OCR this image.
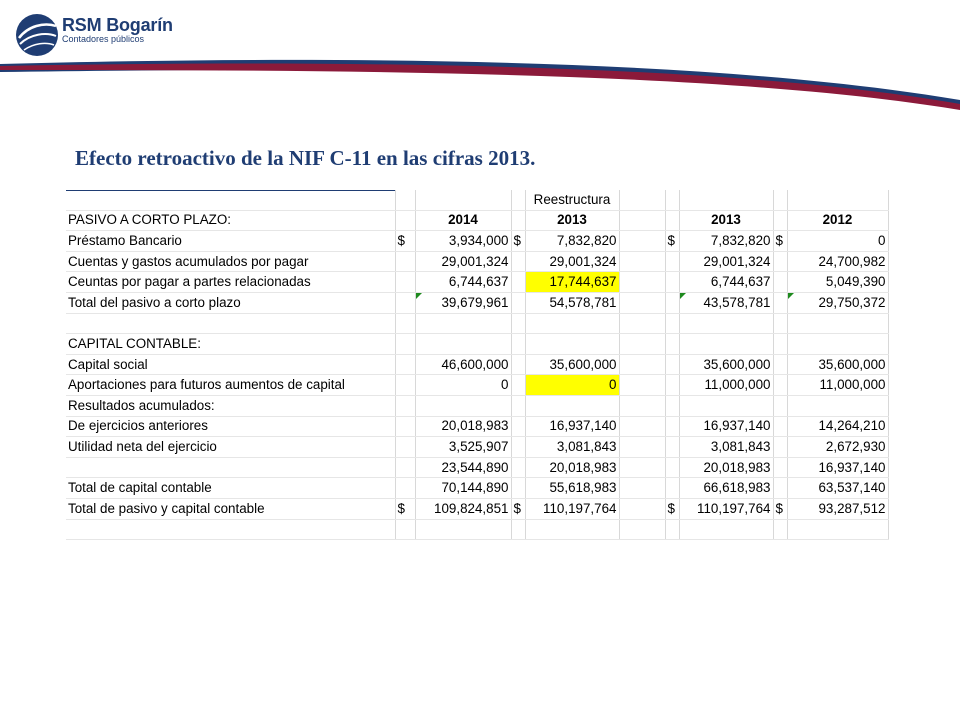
RSM Bogarín
Contadores públicos
Efecto retroactivo de la NIF C-11 en las cifras 2013.
				Reestructura					
PASIVO A CORTO PLAZO:		2014		2013			2013		2012
Préstamo Bancario	$	3,934,000	$	7,832,820		$	7,832,820	$	0
Cuentas y gastos acumulados por pagar		29,001,324		29,001,324			29,001,324		24,700,982
Ceuntas por pagar a partes relacionadas		6,744,637		17,744,637			6,744,637		5,049,390
Total del pasivo a corto plazo		39,679,961		54,578,781			43,578,781		29,750,372

CAPITAL CONTABLE:									
Capital social		46,600,000		35,600,000			35,600,000		35,600,000
Aportaciones para futuros aumentos de capital		0		0			11,000,000		11,000,000
Resultados acumulados:									
De ejercicios anteriores		20,018,983		16,937,140			16,937,140		14,264,210
Utilidad neta del ejercicio		3,525,907		3,081,843			3,081,843		2,672,930
		23,544,890		20,018,983			20,018,983		16,937,140
Total de capital contable		70,144,890		55,618,983			66,618,983		63,537,140
Total de pasivo y capital contable	$	109,824,851	$	110,197,764		$	110,197,764	$	93,287,512
